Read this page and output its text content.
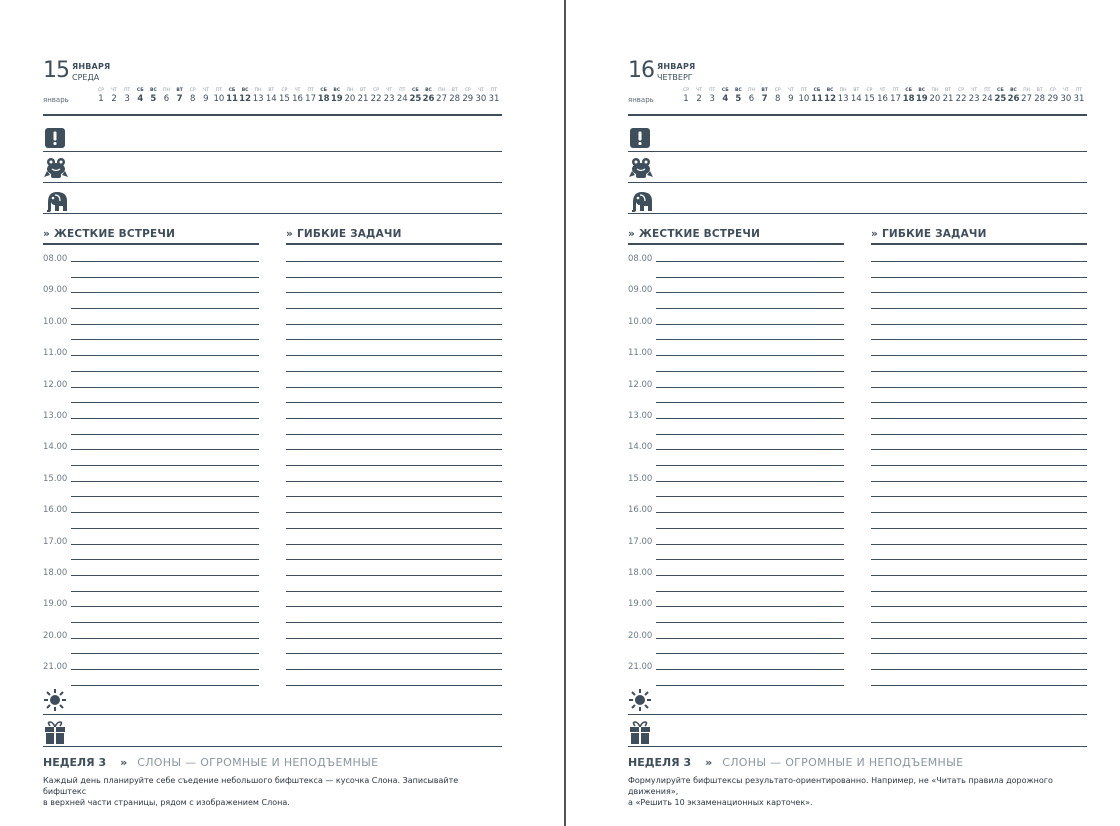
15 ЯНВАРЯ
СРЕДА
январь
СР
1
ЧТ
2
ПТ
3
СБ
4
ВС
5
ПН
6
ВТ
7
СР
8
ЧТ
9
ПТ
10
СБ
11
ВС
12
ПН
13
ВТ
14
СР
15
ЧТ
16
ПТ
17
СБ
18
ВС
19
ПН
20
ВТ
21
СР
22
ЧТ
23
ПТ
24
СБ
25
ВС
26
ПН
27
ВТ
28
СР
29
ЧТ
30
ПТ
31
» ЖЕСТКИЕ ВСТРЕЧИ	» ГИБКИЕ ЗАДАЧИ
НЕДЕЛЯ 3 » СЛОНЫ — ОГРОМНЫЕ И НЕПОДЪЕМНЫЕ
Каждый день планируйте себе съедение небольшого бифштекса — кусочка Слона. Записывайте бифштекс
в верхней части страницы, рядом с изображением Слона.
08.00
09.00
10.00
11.00
12.00
13.00
14.00
15.00
16.00
17.00
18.00
19.00
20.00
21.00
16 ЯНВАРЯ
ЧЕТВЕРГ
январь
СР
1
ЧТ
2
ПТ
3
СБ
4
ВС
5
ПН
6
ВТ
7
СР
8
ЧТ
9
ПТ
10
СБ
11
ВС
12
ПН
13
ВТ
14
СР
15
ЧТ
16
ПТ
17
СБ
18
ВС
19
ПН
20
ВТ
21
СР
22
ЧТ
23
ПТ
24
СБ
25
ВС
26
ПН
27
ВТ
28
СР
29
ЧТ
30
ПТ
31
» ЖЕСТКИЕ ВСТРЕЧИ	» ГИБКИЕ ЗАДАЧИ
НЕДЕЛЯ 3 » СЛОНЫ — ОГРОМНЫЕ И НЕПОДЪЕМНЫЕ
Формулируйте бифштексы результато-ориентированно. Например, не «Читать правила дорожного движения»,
а «Решить 10 экзаменационных карточек».
08.00
09.00
10.00
11.00
12.00
13.00
14.00
15.00
16.00
17.00
18.00
19.00
20.00
21.00
